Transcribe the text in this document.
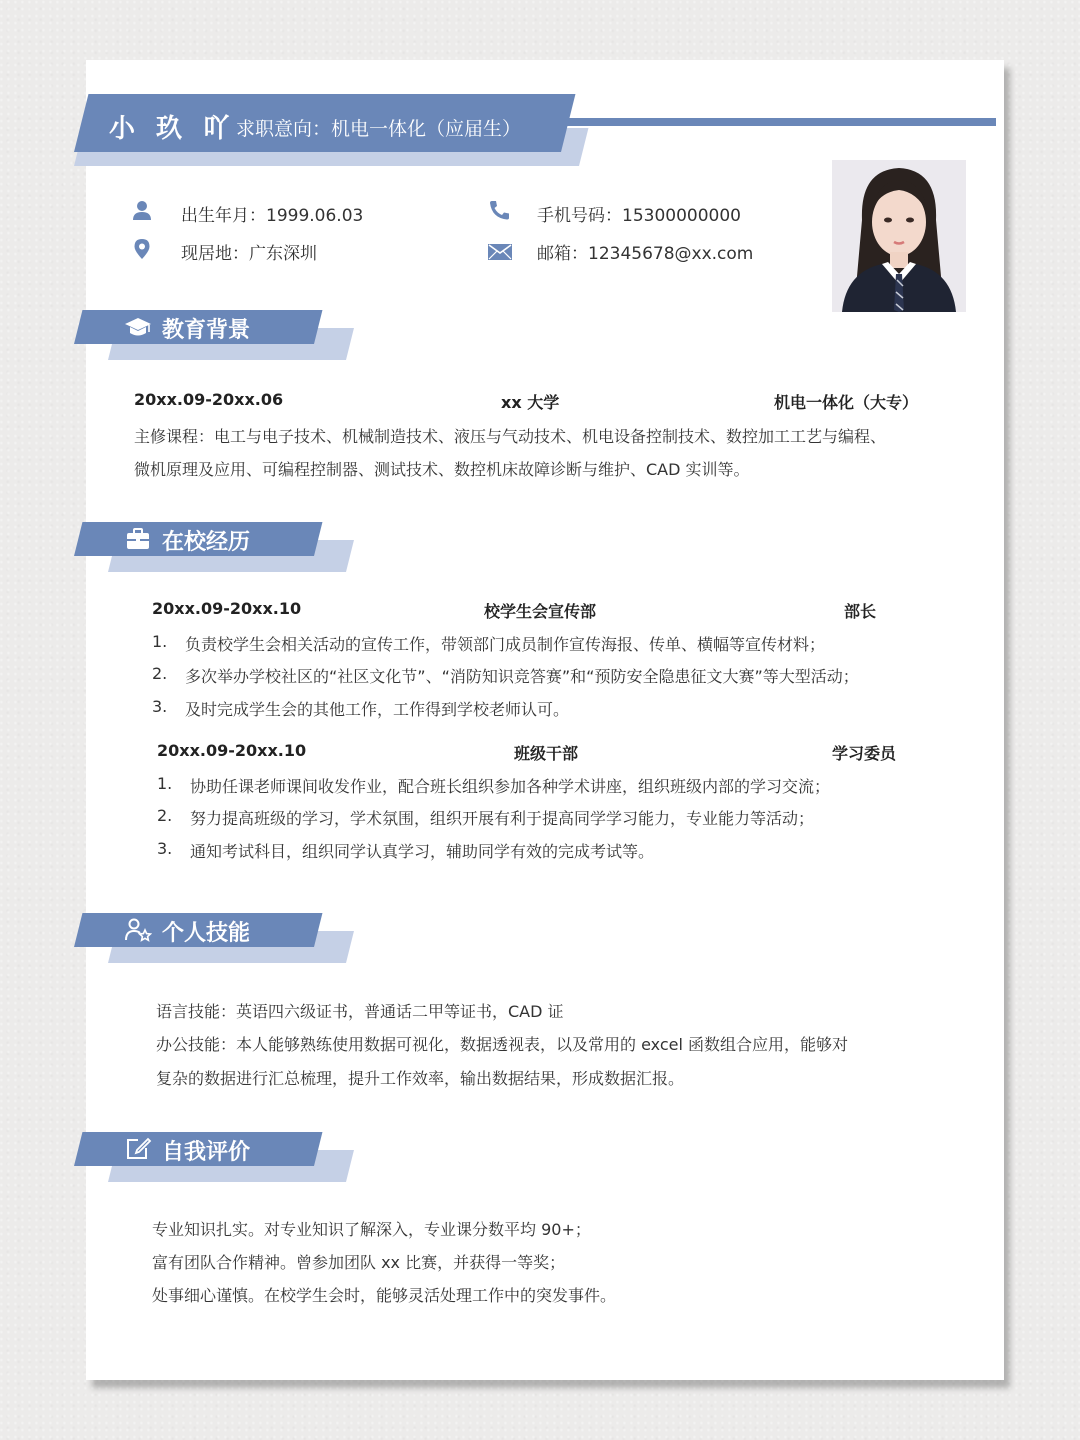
小 玖 吖 求职意向：机电一体化（应届生）
出生年月：1999.06.03	手机号码：15300000000
现居地：广东深圳	邮箱：12345678@xx.com
教育背景
20xx.09-20xx.06	xx 大学	机电一体化（大专）
主修课程：电工与电子技术、机械制造技术、液压与气动技术、机电设备控制技术、数控加工工艺与编程、
微机原理及应用、可编程控制器、测试技术、数控机床故障诊断与维护、CAD 实训等。
在校经历
20xx.09-20xx.10	校学生会宣传部	部长
1. 负责校学生会相关活动的宣传工作，带领部门成员制作宣传海报、传单、横幅等宣传材料；
2. 多次举办学校社区的“社区文化节”、“消防知识竞答赛”和“预防安全隐患征文大赛”等大型活动；
3. 及时完成学生会的其他工作，工作得到学校老师认可。
20xx.09-20xx.10	班级干部	学习委员
1. 协助任课老师课间收发作业，配合班长组织参加各种学术讲座，组织班级内部的学习交流；
2. 努力提高班级的学习，学术氛围，组织开展有利于提高同学学习能力，专业能力等活动；
3. 通知考试科目，组织同学认真学习，辅助同学有效的完成考试等。
个人技能
语言技能：英语四六级证书，普通话二甲等证书，CAD 证
办公技能：本人能够熟练使用数据可视化，数据透视表，以及常用的 excel 函数组合应用，能够对
复杂的数据进行汇总梳理，提升工作效率，输出数据结果，形成数据汇报。
自我评价
专业知识扎实。对专业知识了解深入，专业课分数平均 90+；
富有团队合作精神。曾参加团队 xx 比赛，并获得一等奖；
处事细心谨慎。在校学生会时，能够灵活处理工作中的突发事件。
